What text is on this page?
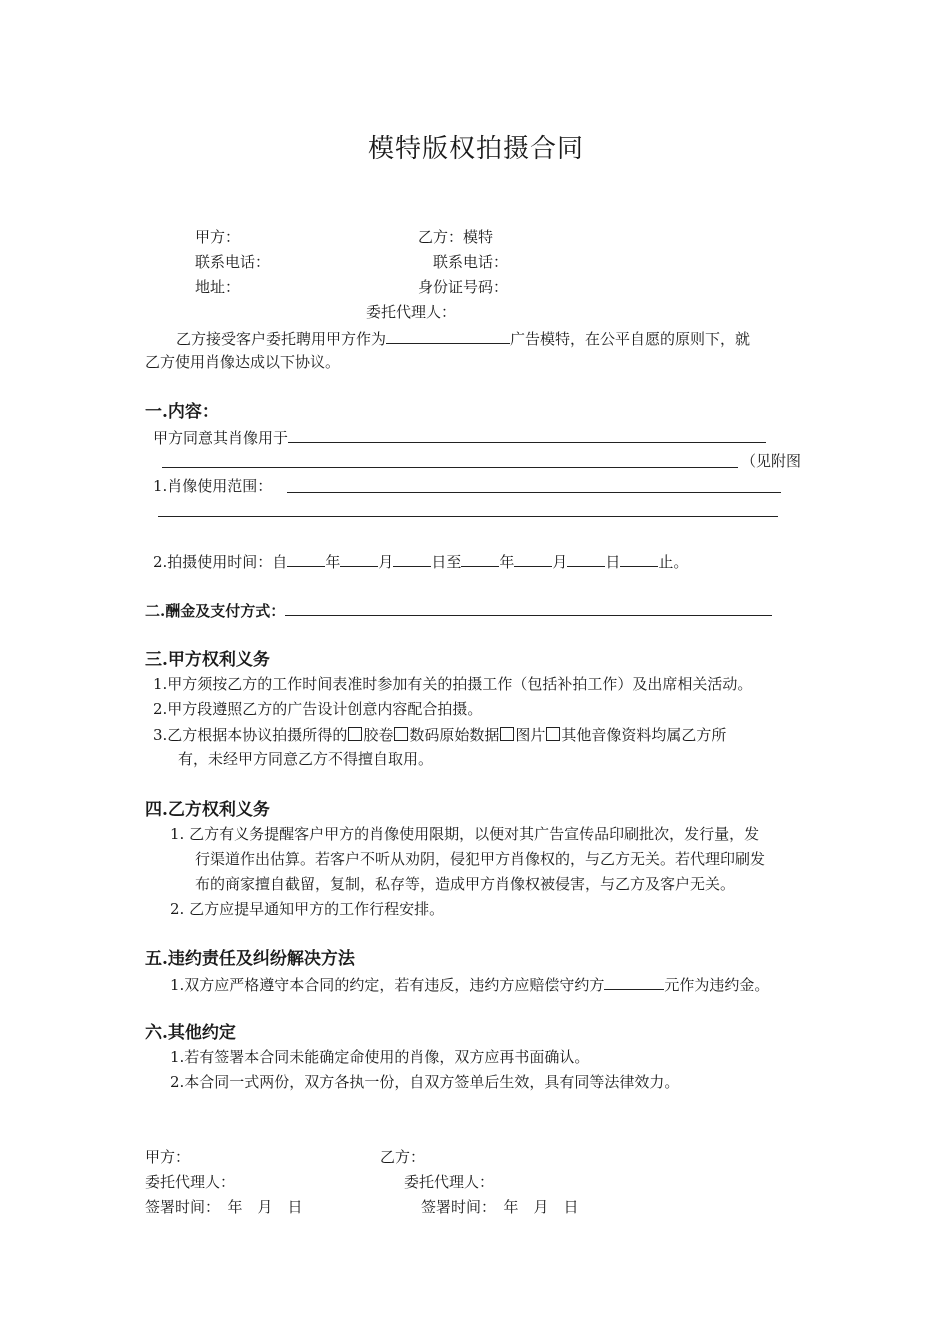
模特版权拍摄合同
甲方：	乙方：模特
联系电话：	联系电话：
地址：	身份证号码：
委托代理人：
乙方接受客户委托聘用甲方作为	广告模特，在公平自愿的原则下，就
乙方使用肖像达成以下协议。
一.内容：
甲方同意其肖像用于
（见附图
1.肖像使用范围：
2.拍摄使用时间：自	年	月	日至	年	月	日	止。
二.酬金及支付方式：
三.甲方权利义务
1.甲方须按乙方的工作时间表准时参加有关的拍摄工作（包括补拍工作）及出席相关活动。
2.甲方段遵照乙方的广告设计创意内容配合拍摄。
3.乙方根据本协议拍摄所得的 胶卷 数码原始数据 图片 其他音像资料均属乙方所
有，未经甲方同意乙方不得擅自取用。
四.乙方权利义务
1. 乙方有义务提醒客户甲方的肖像使用限期，以便对其广告宣传品印刷批次，发行量，发
行渠道作出估算。若客户不听从劝阴，侵犯甲方肖像权的，与乙方无关。若代理印刷发
布的商家擅自截留，复制，私存等，造成甲方肖像权被侵害，与乙方及客户无关。
2. 乙方应提早通知甲方的工作行程安排。
五.违约责任及纠纷解决方法
1.双方应严格遵守本合同的约定，若有违反，违约方应赔偿守约方	元作为违约金。
六.其他约定
1.若有签署本合同未能确定命使用的肖像，双方应再书面确认。
2.本合同一式两份，双方各执一份，自双方签单后生效，具有同等法律效力。
甲方：	乙方：
委托代理人：	委托代理人：
签署时间：　年　月　日	签署时间：　年　月　日
